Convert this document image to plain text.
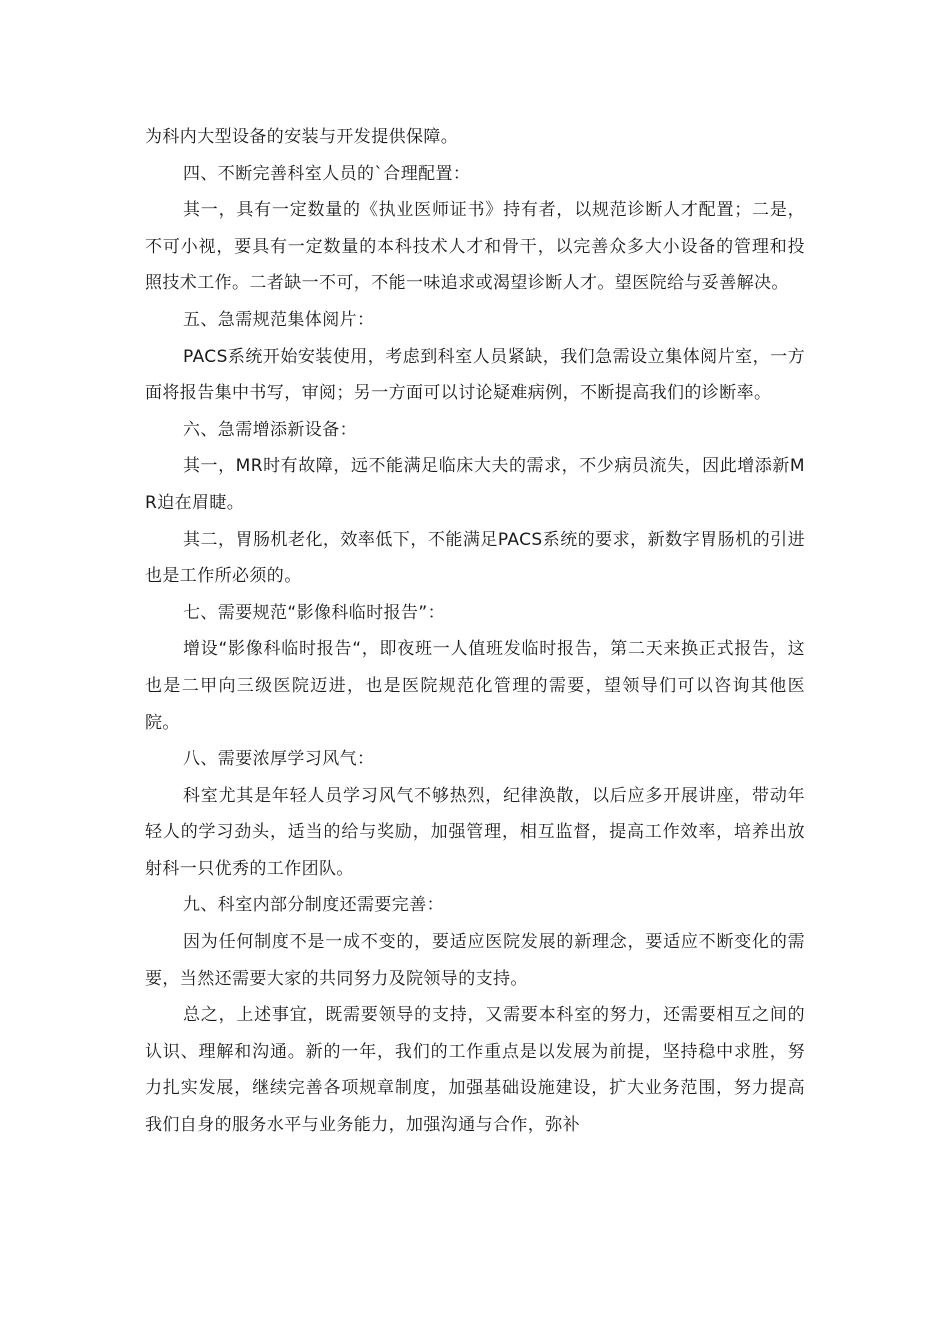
为科内大型设备的安装与开发提供保障。

四、不断完善科室人员的`合理配置：

其一，具有一定数量的《执业医师证书》持有者，以规范诊断人才配置；二是，不可小视，要具有一定数量的本科技术人才和骨干，以完善众多大小设备的管理和投照技术工作。二者缺一不可，不能一味追求或渴望诊断人才。望医院给与妥善解决。

五、急需规范集体阅片：

PACS系统开始安装使用，考虑到科室人员紧缺，我们急需设立集体阅片室，一方面将报告集中书写，审阅；另一方面可以讨论疑难病例，不断提高我们的诊断率。

六、急需增添新设备：

其一，MR时有故障，远不能满足临床大夫的需求，不少病员流失，因此增添新MR迫在眉睫。

其二，胃肠机老化，效率低下，不能满足PACS系统的要求，新数字胃肠机的引进也是工作所必须的。

七、需要规范“影像科临时报告”：

增设“影像科临时报告“，即夜班一人值班发临时报告，第二天来换正式报告，这也是二甲向三级医院迈进，也是医院规范化管理的需要，望领导们可以咨询其他医院。

八、需要浓厚学习风气：

科室尤其是年轻人员学习风气不够热烈，纪律涣散，以后应多开展讲座，带动年轻人的学习劲头，适当的给与奖励，加强管理，相互监督，提高工作效率，培养出放射科一只优秀的工作团队。

九、科室内部分制度还需要完善：

因为任何制度不是一成不变的，要适应医院发展的新理念，要适应不断变化的需要，当然还需要大家的共同努力及院领导的支持。

总之，上述事宜，既需要领导的支持，又需要本科室的努力，还需要相互之间的认识、理解和沟通。新的一年，我们的工作重点是以发展为前提，坚持稳中求胜，努力扎实发展，继续完善各项规章制度，加强基础设施建设，扩大业务范围，努力提高我们自身的服务水平与业务能力，加强沟通与合作，弥补
